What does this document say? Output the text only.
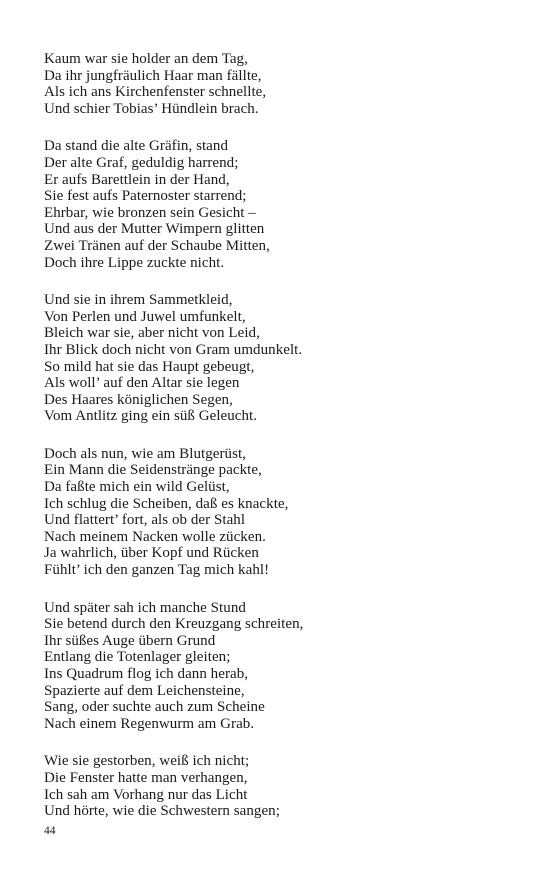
Kaum war sie holder an dem Tag,
Da ihr jungfräulich Haar man fällte,
Als ich ans Kirchenfenster schnellte,
Und schier Tobias’ Hündlein brach.
Da stand die alte Gräfin, stand
Der alte Graf, geduldig harrend;
Er aufs Barettlein in der Hand,
Sie fest aufs Paternoster starrend;
Ehrbar, wie bronzen sein Gesicht –
Und aus der Mutter Wimpern glitten
Zwei Tränen auf der Schaube Mitten,
Doch ihre Lippe zuckte nicht.
Und sie in ihrem Sammetkleid,
Von Perlen und Juwel umfunkelt,
Bleich war sie, aber nicht von Leid,
Ihr Blick doch nicht von Gram umdunkelt.
So mild hat sie das Haupt gebeugt,
Als woll’ auf den Altar sie legen
Des Haares königlichen Segen,
Vom Antlitz ging ein süß Geleucht.
Doch als nun, wie am Blutgerüst,
Ein Mann die Seidenstränge packte,
Da faßte mich ein wild Gelüst,
Ich schlug die Scheiben, daß es knackte,
Und flattert’ fort, als ob der Stahl
Nach meinem Nacken wolle zücken.
Ja wahrlich, über Kopf und Rücken
Fühlt’ ich den ganzen Tag mich kahl!
Und später sah ich manche Stund
Sie betend durch den Kreuzgang schreiten,
Ihr süßes Auge übern Grund
Entlang die Totenlager gleiten;
Ins Quadrum flog ich dann herab,
Spazierte auf dem Leichensteine,
Sang, oder suchte auch zum Scheine
Nach einem Regenwurm am Grab.
Wie sie gestorben, weiß ich nicht;
Die Fenster hatte man verhangen,
Ich sah am Vorhang nur das Licht
Und hörte, wie die Schwestern sangen;
44
